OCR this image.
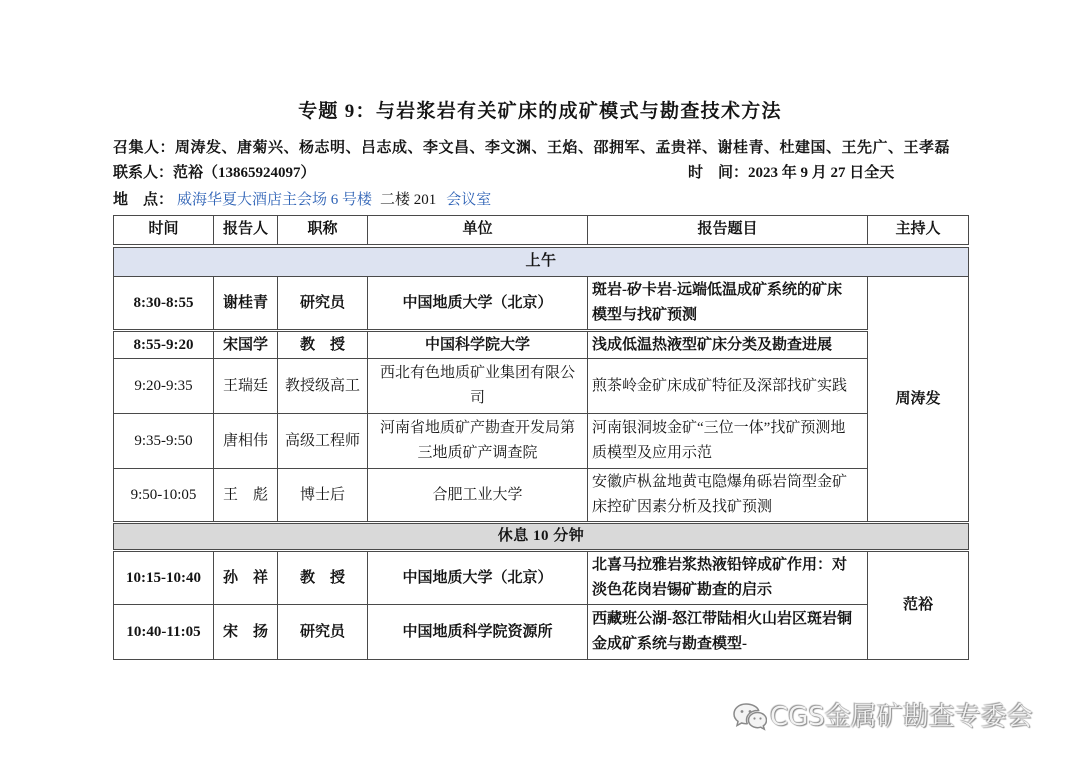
专题 9：与岩浆岩有关矿床的成矿模式与勘查技术方法
召集人：周涛发、唐菊兴、杨志明、吕志成、李文昌、李文渊、王焰、邵拥军、孟贵祥、谢桂青、杜建国、王先广、王孝磊
联系人：范裕（13865924097）	时　间：2023 年 9 月 27 日全天
地　点： 威海华夏大酒店主会场 6 号楼 二楼 201 会议室
时间	报告人	职称	单位	报告题目	主持人
上午					
8:30-8:55	谢桂青	研究员	中国地质大学（北京）	斑岩-矽卡岩-远端低温成矿系统的矿床模型与找矿预测	周涛发
8:55-9:20	宋国学	教　授	中国科学院大学	浅成低温热液型矿床分类及勘查进展	

9:20-9:35	王瑞廷	教授级高工	西北有色地质矿业集团有限公司	煎茶岭金矿床成矿特征及深部找矿实践	

9:35-9:50	唐相伟	高级工程师	河南省地质矿产勘查开发局第三地质矿产调查院	河南银洞坡金矿“三位一体”找矿预测地质模型及应用示范	

9:50-10:05	王　彪	博士后	合肥工业大学	安徽庐枞盆地黄屯隐爆角砾岩筒型金矿床控矿因素分析及找矿预测	

休息 10 分钟					
10:15-10:40	孙　祥	教　授	中国地质大学（北京）	北喜马拉雅岩浆热液铅锌成矿作用：对淡色花岗岩锡矿勘查的启示	范裕
10:40-11:05	宋　扬	研究员	中国地质科学院资源所	西藏班公湖-怒江带陆相火山岩区斑岩铜金成矿系统与勘查模型-	
CGS金属矿勘查专委会
